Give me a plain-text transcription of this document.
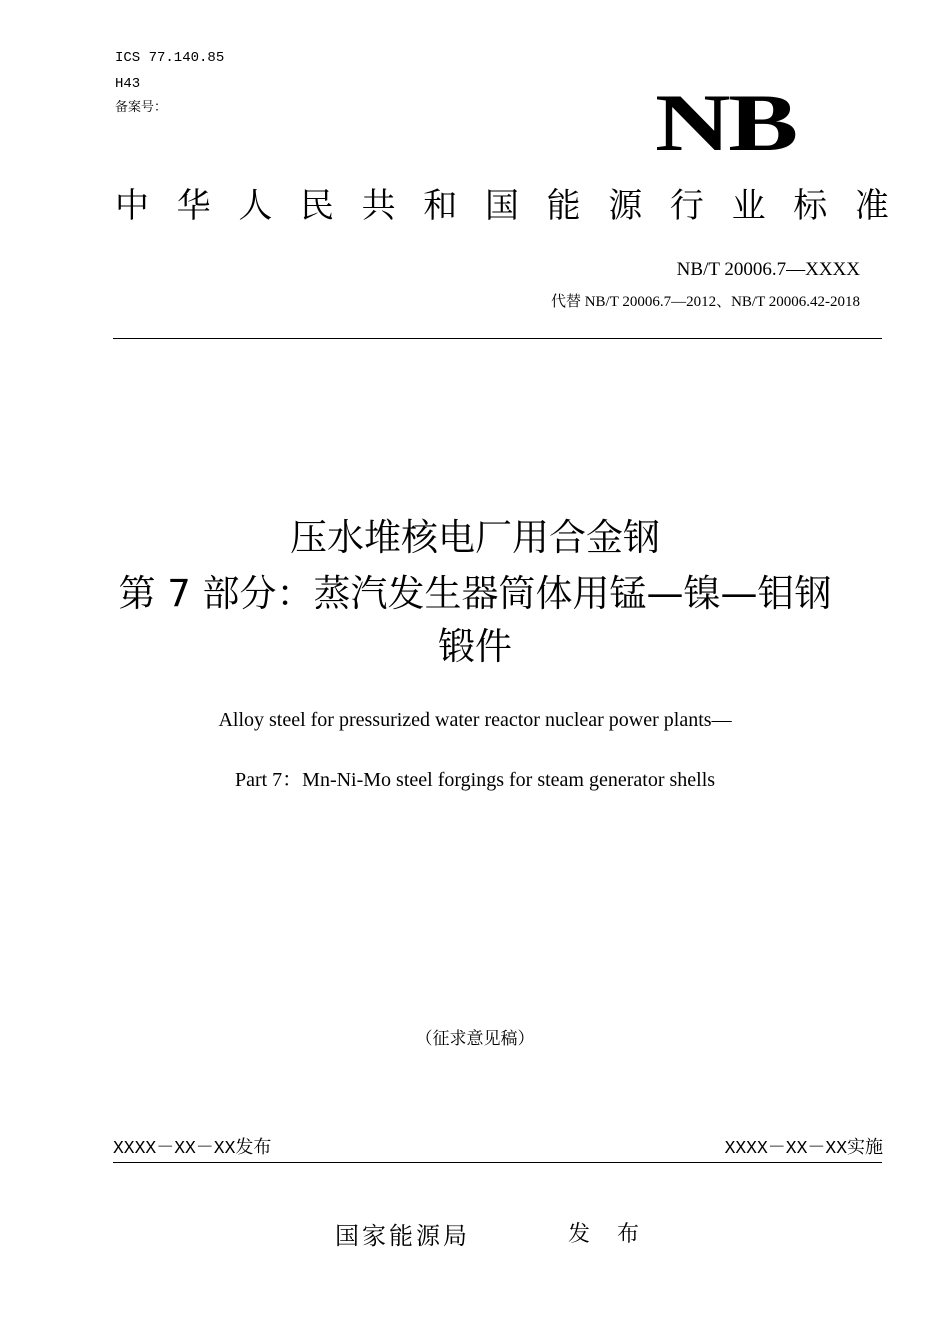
ICS 77.140.85
H43
备案号：	NB
中 华 人 民 共 和 国 能 源 行 业 标 准
NB/T 20006.7—XXXX
代替 NB/T 20006.7—2012、NB/T 20006.42-2018
压水堆核电厂用合金钢
第 7 部分：蒸汽发生器筒体用锰—镍—钼钢
锻件
Alloy steel for pressurized water reactor nuclear power plants—
Part 7：Mn-Ni-Mo steel forgings for steam generator shells
（征求意见稿）
XXXX－XX－XX发布	XXXX－XX－XX实施
国家能源局	发 布
